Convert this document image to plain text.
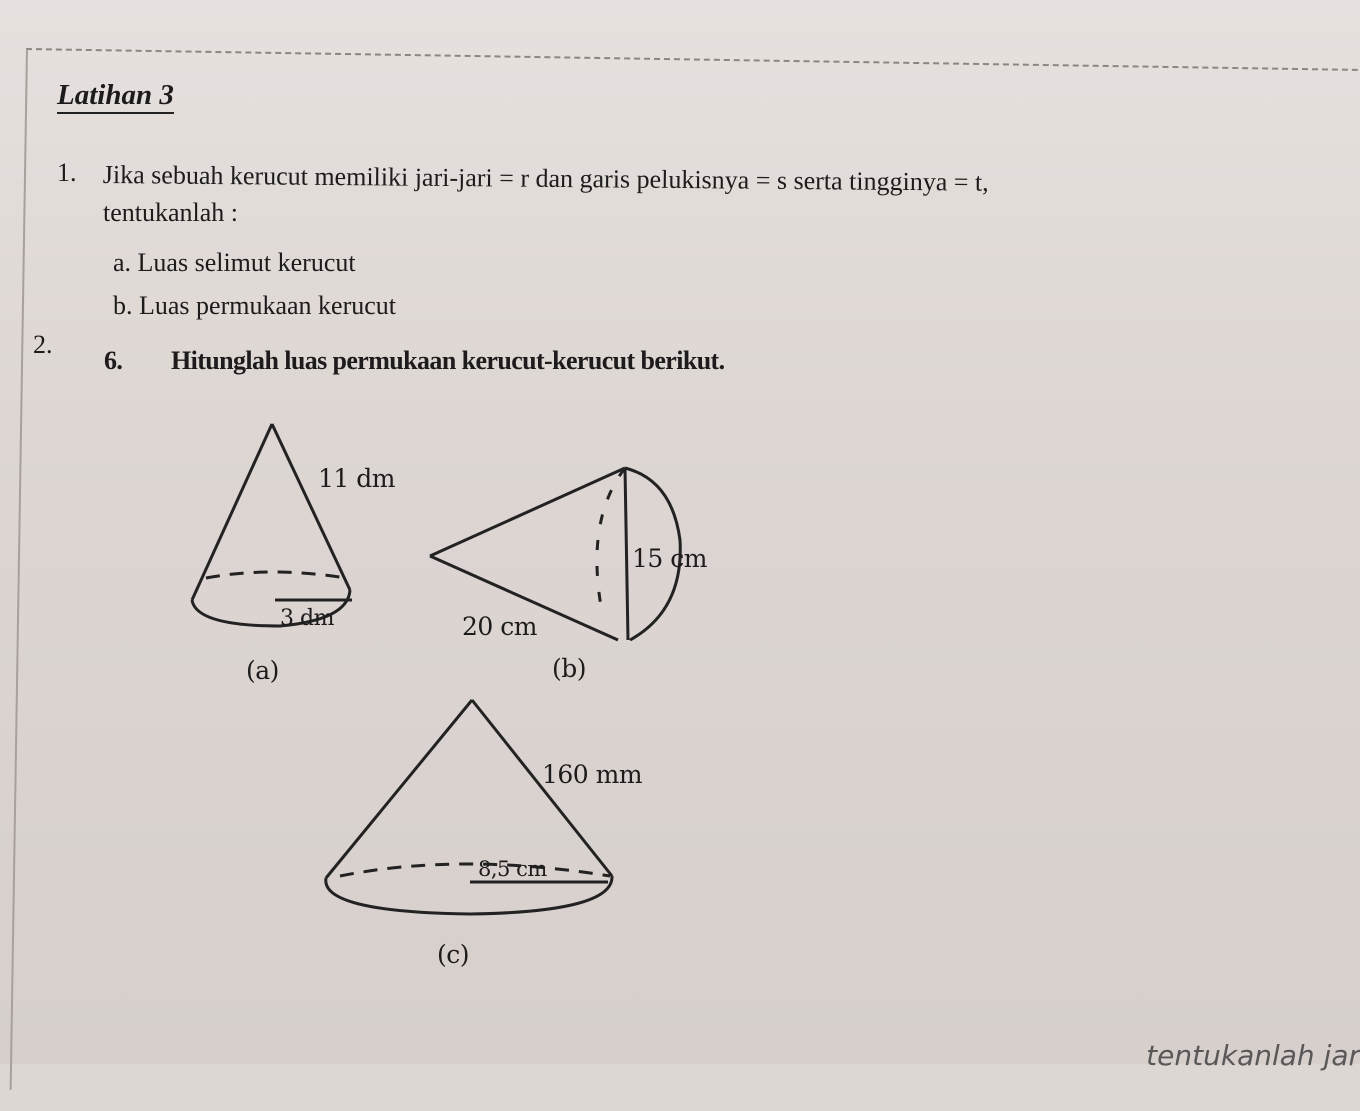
Latihan 3
1. Jika sebuah kerucut memiliki jari-jari = r dan garis pelukisnya = s serta tingginya = t,
tentukanlah :
a. Luas selimut kerucut
b. Luas permukaan kerucut
2.
6. Hitunglah luas permukaan kerucut-kerucut berikut.
11 dm
3 dm
(a)
15 cm
20 cm
(b)
160 mm
8,5 cm
(c)
tentukanlah jar
